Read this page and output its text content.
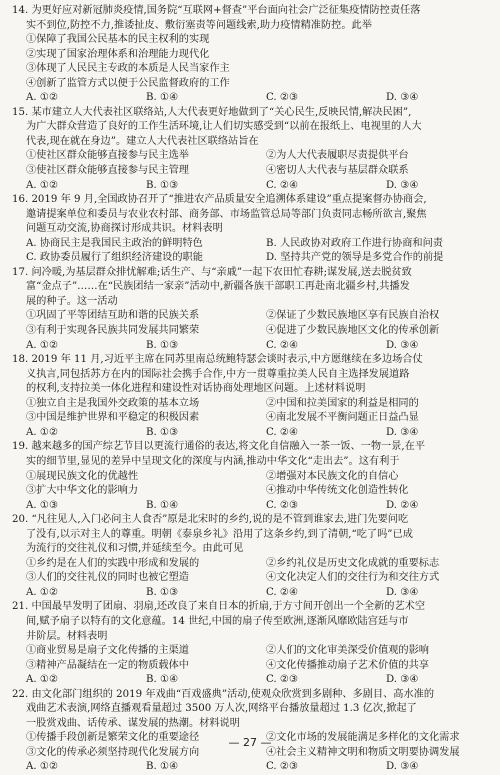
14. 为更好应对新冠肺炎疫情,国务院“互联网+督查”平台面向社会广泛征集疫情防控责任落
实不到位,防控不力,推诿扯皮、敷衍塞责等问题线索,助力疫情精准防控。此举
①保障了我国公民基本的民主权利的实现
②实现了国家治理体系和治理能力现代化
③体现了人民民主专政的本质是人民当家作主
④创新了监管方式以便于公民监督政府的工作
A. ①②	B. ①④	C. ②③	D. ③④
15. 某市建立人大代表社区联络站,人大代表更好地做到了“关心民生,反映民情,解决民困”,
为广大群众营造了良好的工作生活环境,让人们切实感受到“以前在报纸上、电视里的人大
代表,现在就在身边”。建立人大代表社区联络站旨在
①使社区群众能够直接参与民主选举	②为人大代表履职尽责提供平台
③使社区群众能够直接参与民主管理	④密切人大代表与基层群众联系
A. ①②	B. ①③	C. ②④	D. ③④
16. 2019 年 9 月,全国政协召开了“推进农产品质量安全追溯体系建设”重点提案督办协商会,
邀请提案单位和委员与农业农村部、商务部、市场监管总局等部门负责同志畅所欲言,聚焦
问题互动交流,协商探讨形成共识。材料表明
A. 协商民主是我国民主政治的鲜明特色	B. 人民政协对政府工作进行协商和问责
C. 政协委员履行了组织经济建设的职能	D. 坚持共产党的领导是多党合作的前提
17. 问冷暖,为基层群众排忧解难;话生产、与“亲戚”一起下农田忙春耕;谋发展,送去脱贫致
富“金点子”……在“民族团结一家亲”活动中,新疆各族干部职工再赴南北疆乡村,共播发
展的种子。这一活动
①巩固了平等团结互助和谐的民族关系	②保证了少数民族地区享有民族自治权
③有利于实现各民族共同发展共同繁荣	④促进了少数民族地区文化的传承创新
A. ①②	B. ①③	C. ②④	D. ③④
18. 2019 年 11 月,习近平主席在同苏里南总统鲍特瑟会谈时表示,中方愿继续在多边场合仗
义执言,同包括苏方在内的国际社会携手合作,中方一贯尊重拉美人民自主选择发展道路
的权利,支持拉美一体化进程和建设性对话协商处理地区问题。上述材料说明
①独立自主是我国外交政策的基本立场	②中国和拉美国家的利益是相同的
③中国是维护世界和平稳定的积极因素	④南北发展不平衡问题正日益凸显
A. ①②	B. ①③	C. ②④	D. ③④
19. 越来越多的国产综艺节目以更流行通俗的表达,将文化自信融入一茶一饭、一物一景,在平
实的细节里,显见的差异中呈现文化的深度与内涵,推动中华文化“走出去”。这有利于
①展现民族文化的优越性	②增强对本民族文化的自信心
③扩大中华文化的影响力	④推动中华传统文化创造性转化
A. ①③	B. ①④	C. ②③	D. ②④
20. “凡往见人,入门必问主人食否”原是北宋时的乡约,说的是不管到谁家去,进门先要问吃
了没有,以示对主人的尊重。明朝《泰泉乡礼》沿用了这条乡约,到了清朝,“吃了吗”已成
为流行的交往礼仪和习惯,并延续至今。由此可见
①乡约是在人们的实践中形成和发展的	②乡约礼仪是历史文化成就的重要标志
③人们的交往礼仪的同时也被它塑造	④文化决定人们的交往行为和交往方式
A. ①②	B. ①③	C. ②④	D. ③④
21. 中国最早发明了团扇、羽扇,还改良了来自日本的折扇,于方寸间开创出一个全新的艺术空
间,赋予扇子以特有的文化意蕴。14 世纪,中国的扇子传至欧洲,逐渐风靡欧陆宫廷与市
井阶层。材料表明
①商业贸易是扇子文化传播的主渠道	②人们的文化审美深受价值观的影响
③精神产品凝结在一定的物质载体中	④文化传播推动扇子艺术价值的共享
A. ①②	B. ①④	C. ②③	D. ③④
22. 由文化部门组织的 2019 年戏曲“百戏盛典”活动,使观众欣赏到多剧种、多剧目、高水准的
戏曲艺术表演,网络直播观看量超过 3500 万人次,网络平台播放量超过 1.3 亿次,掀起了
一股赏戏曲、话传承、谋发展的热潮。材料说明
①传播手段创新是繁荣文化的重要途径	②文化市场的发展能满足多样化的文化需求
③文化的传承必须坚持现代化发展方向	④社会主义精神文明和物质文明要协调发展
A. ①②	B. ①④	C. ②③	D. ③④
— 27 —
